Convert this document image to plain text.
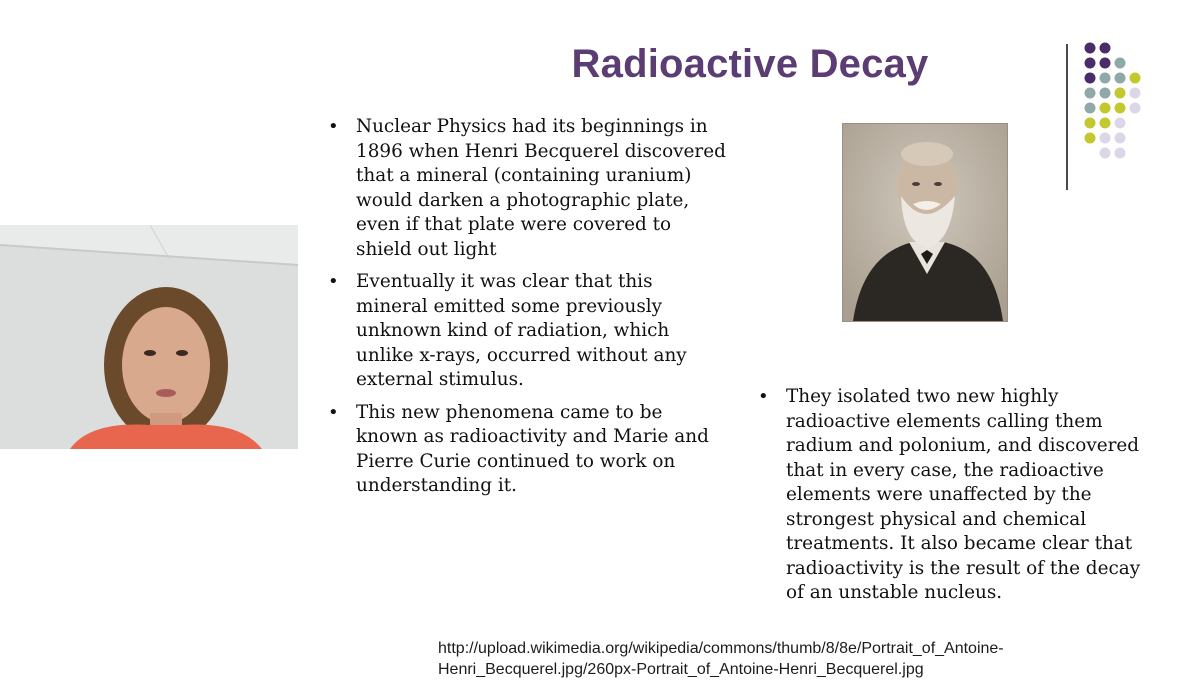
Radioactive Decay
• Nuclear Physics had its beginnings in 1896 when Henri Becquerel discovered that a mineral (containing uranium) would darken a photographic plate, even if that plate were covered to shield out light
• Eventually it was clear that this mineral emitted some previously unknown kind of radiation, which unlike x-rays, occurred without any external stimulus.
• This new phenomena came to be known as radioactivity and Marie and Pierre Curie continued to work on understanding it.
• They isolated two new highly radioactive elements calling them radium and polonium, and discovered that in every case, the radioactive elements were unaffected by the strongest physical and chemical treatments. It also became clear that radioactivity is the result of the decay of an unstable nucleus.
http://upload.wikimedia.org/wikipedia/commons/thumb/8/8e/Portrait_of_Antoine-Henri_Becquerel.jpg/260px-Portrait_of_Antoine-Henri_Becquerel.jpg
